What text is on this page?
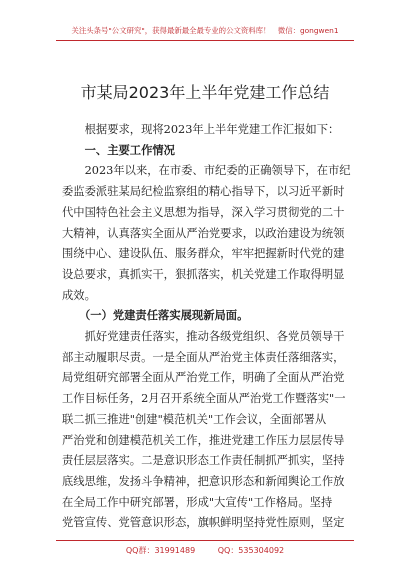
关注头条号"公文研究"，获得最新最全最专业的公文资料库！　微信：gongwen1
市某局2023年上半年党建工作总结
　　根据要求，现将2023年上半年党建工作汇报如下：
　　一、主要工作情况
　　2023年以来，在市委、市纪委的正确领导下，在市纪
委监委派驻某局纪检监察组的精心指导下，以习近平新时
代中国特色社会主义思想为指导，深入学习贯彻党的二十
大精神，认真落实全面从严治党要求，以政治建设为统领
围绕中心、建设队伍、服务群众，牢牢把握新时代党的建
设总要求，真抓实干，狠抓落实，机关党建工作取得明显
成效。
　　（一）党建责任落实展现新局面。
　　抓好党建责任落实，推动各级党组织、各党员领导干
部主动履职尽责。一是全面从严治党主体责任落细落实，
局党组研究部署全面从严治党工作，明确了全面从严治党
工作目标任务，2月召开系统全面从严治党工作暨落实"一
联二抓三推进"创建"模范机关"工作会议，全面部署从
严治党和创建模范机关工作，推进党建工作压力层层传导
责任层层落实。二是意识形态工作责任制抓严抓实，坚持
底线思维，发扬斗争精神，把意识形态和新闻舆论工作放
在全局工作中研究部署，形成"大宣传"工作格局。坚持
党管宣传、党管意识形态，旗帜鲜明坚持党性原则，坚定
QQ群：31991489	QQ：535304092
